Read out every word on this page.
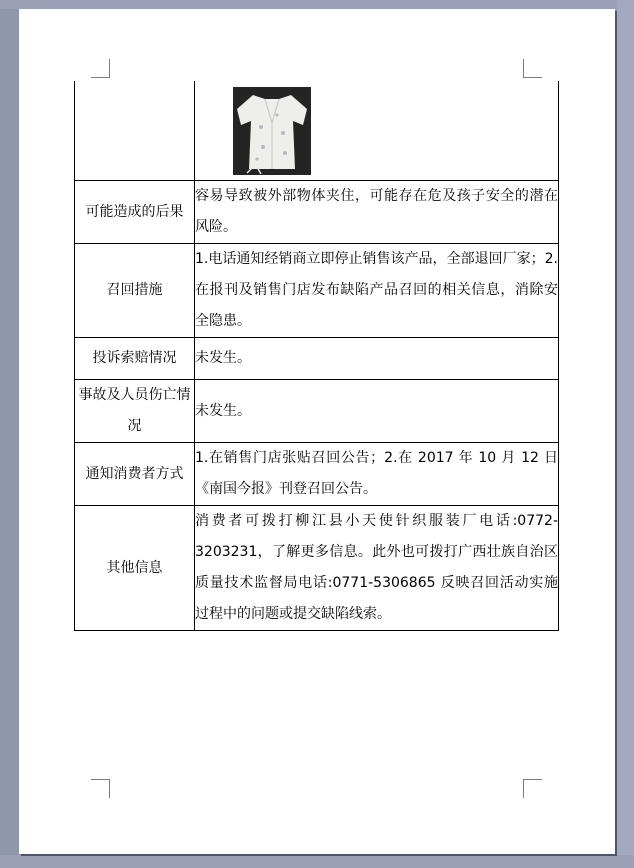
可能造成的后果	容易导致被外部物体夹住，可能存在危及孩子安全的潜在风险。
召回措施	1.电话通知经销商立即停止销售该产品，全部退回厂家；2.在报刊及销售门店发布缺陷产品召回的相关信息，消除安全隐患。
投诉索赔情况	未发生。
事故及人员伤亡情况	未发生。
通知消费者方式	1.在销售门店张贴召回公告；2.在 2017 年 10 月 12 日《南国今报》刊登召回公告。
其他信息	消费者可拨打柳江县小天使针织服装厂电话:0772-3203231，了解更多信息。此外也可拨打广西壮族自治区质量技术监督局电话:0771-5306865 反映召回活动实施过程中的问题或提交缺陷线索。
